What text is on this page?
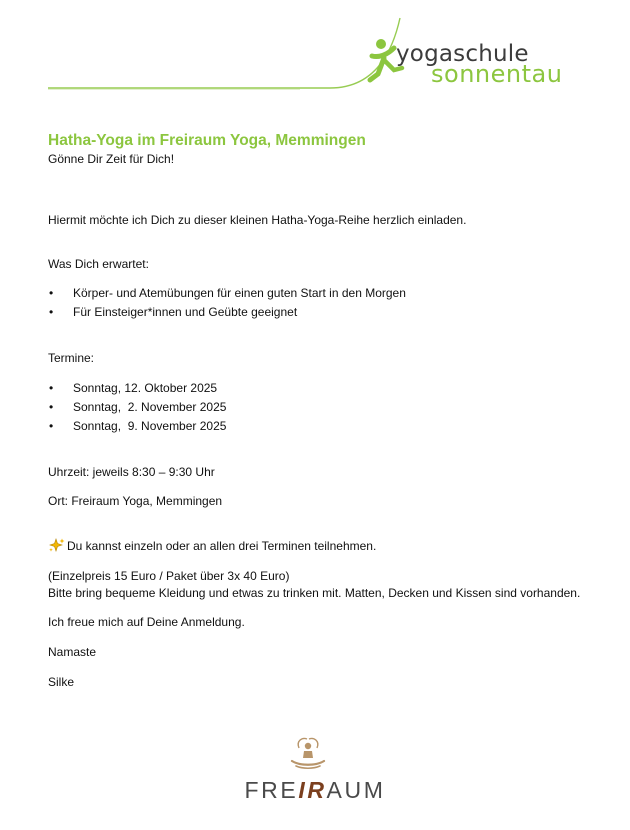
yogaschule
sonnentau
Hatha-Yoga im Freiraum Yoga, Memmingen

Gönne Dir Zeit für Dich!

Hiermit möchte ich Dich zu dieser kleinen Hatha-Yoga-Reihe herzlich einladen.

Was Dich erwartet:

• Körper- und Atemübungen für einen guten Start in den Morgen
• Für Einsteiger*innen und Geübte geeignet

Termine:

• Sonntag, 12. Oktober 2025
• Sonntag,  2. November 2025
• Sonntag,  9. November 2025

Uhrzeit: jeweils 8:30 – 9:30 Uhr

Ort: Freiraum Yoga, Memmingen

Du kannst einzeln oder an allen drei Terminen teilnehmen.

(Einzelpreis 15 Euro / Paket über 3x 40 Euro)

Bitte bring bequeme Kleidung und etwas zu trinken mit. Matten, Decken und Kissen sind vorhanden.

Ich freue mich auf Deine Anmeldung.

Namaste

Silke

FREIRAUM
